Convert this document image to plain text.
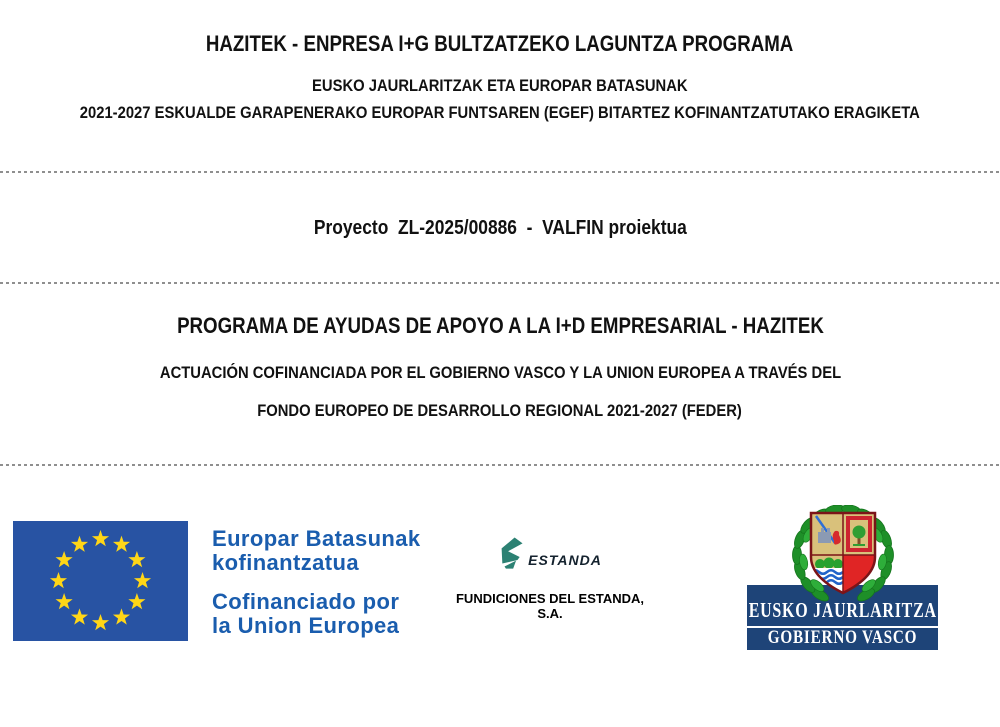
HAZITEK - ENPRESA I+G BULTZATZEKO LAGUNTZA PROGRAMA
EUSKO JAURLARITZAK ETA EUROPAR BATASUNAK
2021-2027 ESKUALDE GARAPENERAKO EUROPAR FUNTSAREN (EGEF) BITARTEZ KOFINANTZATUTAKO ERAGIKETA
Proyecto  ZL-2025/00886  -  VALFIN proiektua
PROGRAMA DE AYUDAS DE APOYO A LA I+D EMPRESARIAL - HAZITEK
ACTUACIÓN COFINANCIADA POR EL GOBIERNO VASCO Y LA UNION EUROPEA A TRAVÉS DEL
FONDO EUROPEO DE DESARROLLO REGIONAL 2021-2027 (FEDER)
Europar Batasunak
kofinantzatua
Cofinanciado por
la Union Europea
ESTANDA
FUNDICIONES DEL ESTANDA,
S.A.	EUSKO JAURLARITZA
GOBIERNO VASCO
